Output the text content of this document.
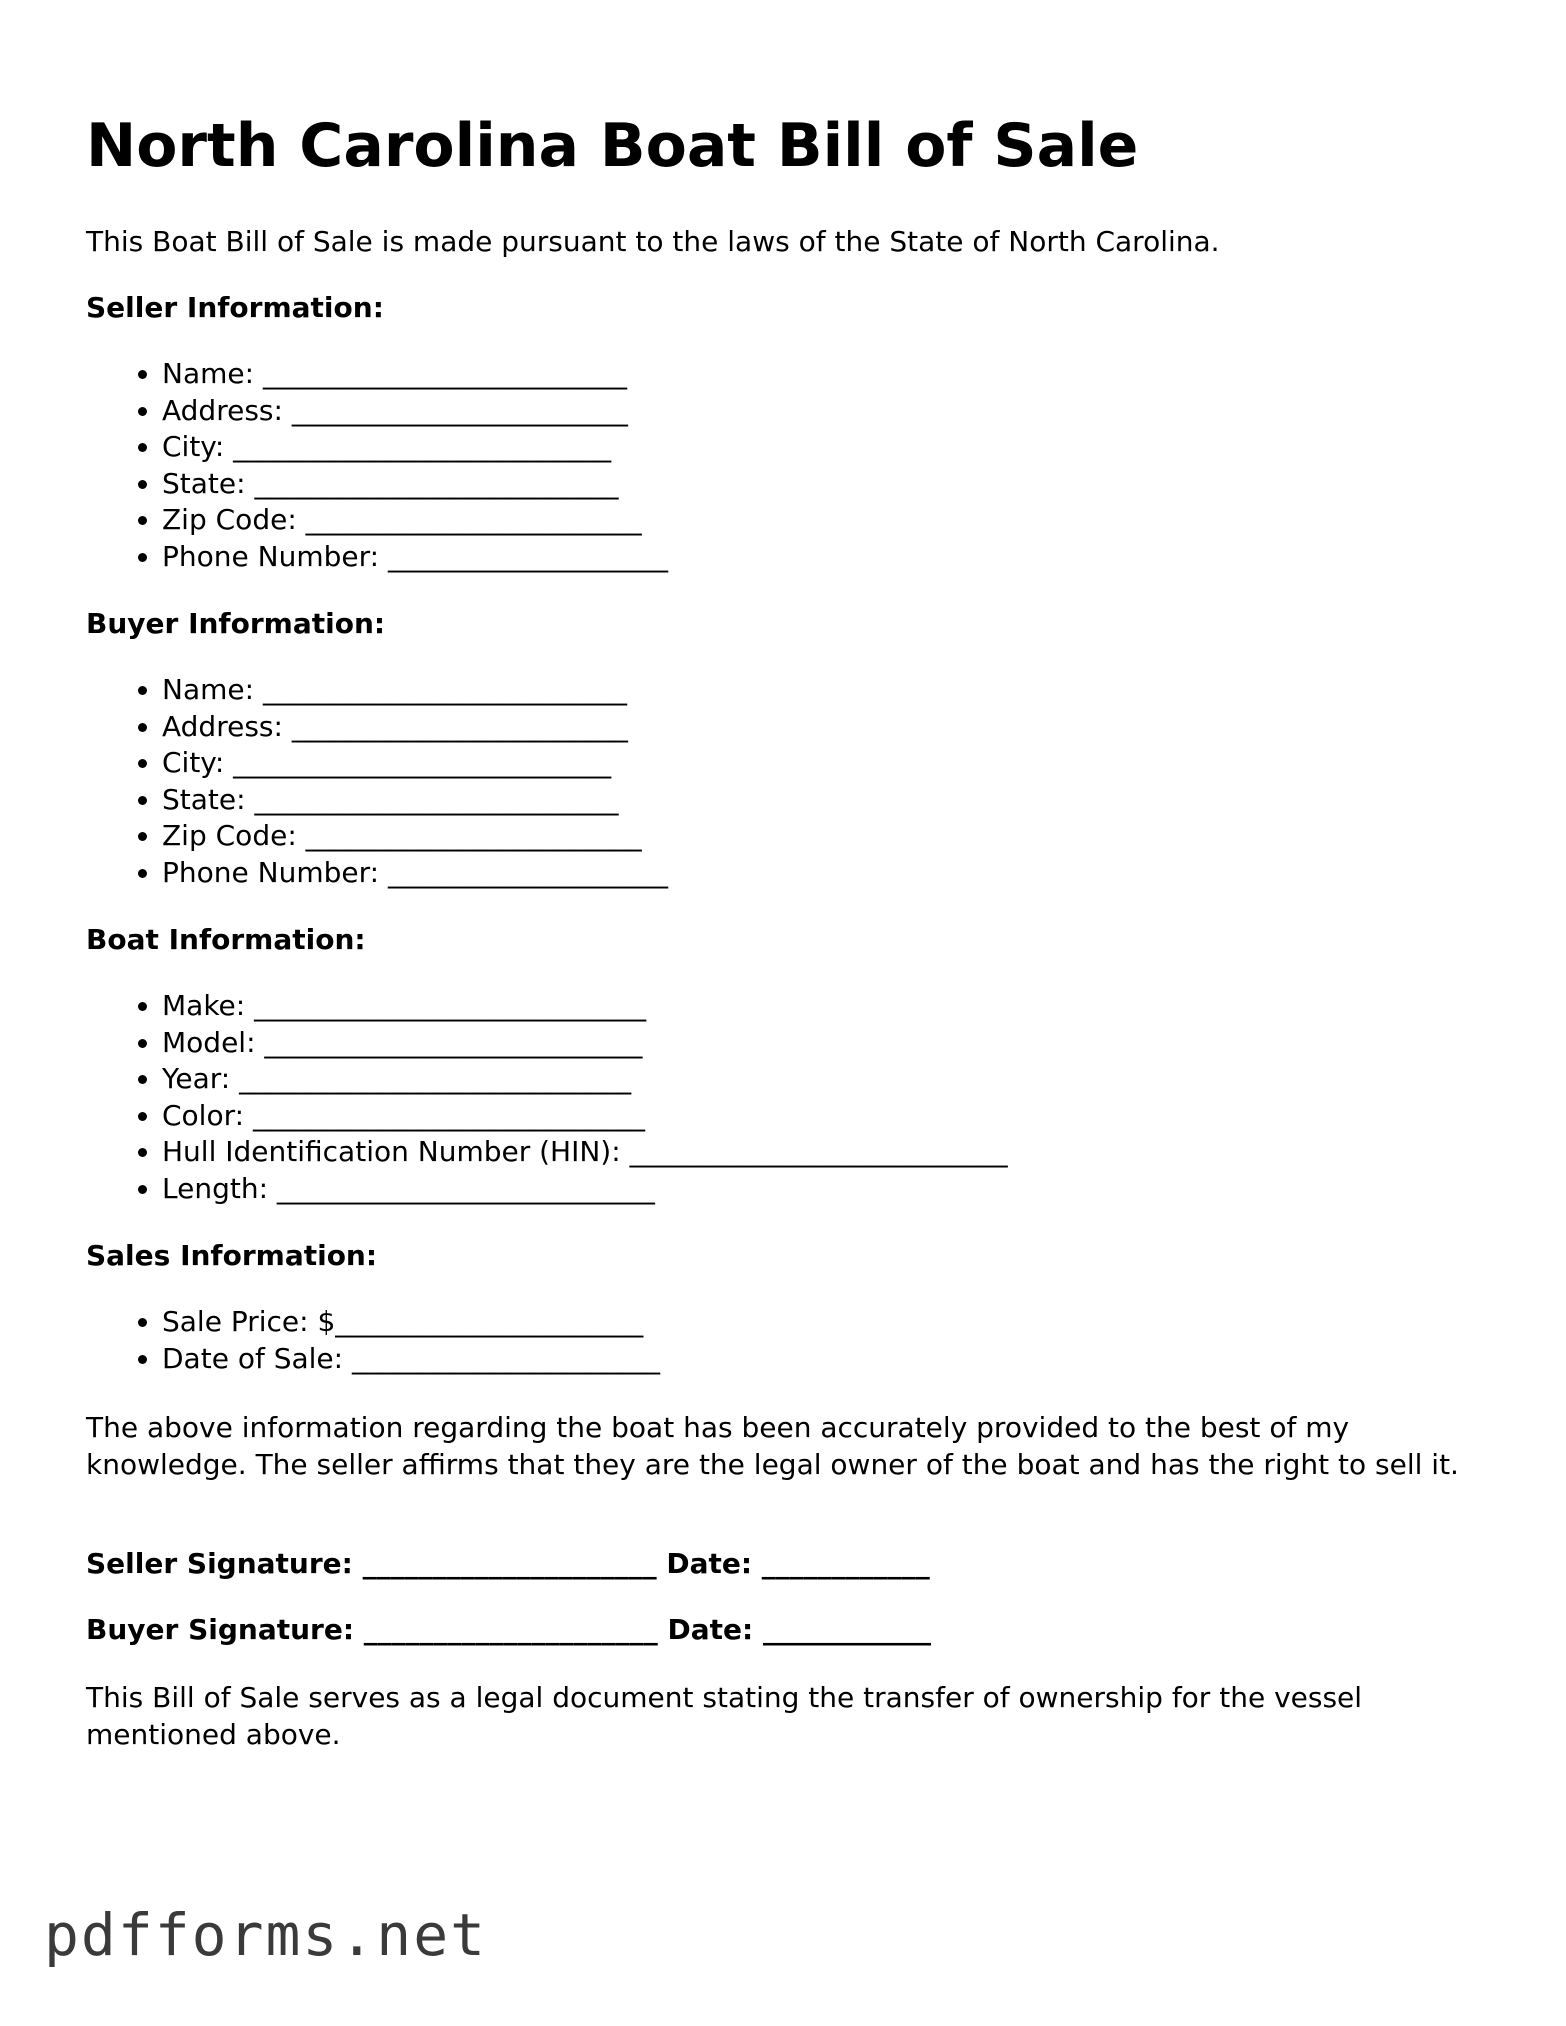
North Carolina Boat Bill of Sale

This Boat Bill of Sale is made pursuant to the laws of the State of North Carolina.

Seller Information:

• Name: __________________________
• Address: ________________________
• City: ___________________________
• State: __________________________
• Zip Code: ________________________
• Phone Number: ____________________

Buyer Information:

• Name: __________________________
• Address: ________________________
• City: ___________________________
• State: __________________________
• Zip Code: ________________________
• Phone Number: ____________________

Boat Information:

• Make: ____________________________
• Model: ___________________________
• Year: ____________________________
• Color: ____________________________
• Hull Identification Number (HIN): ___________________________
• Length: ___________________________

Sales Information:

• Sale Price: $______________________
• Date of Sale: ______________________

The above information regarding the boat has been accurately provided to the best of my knowledge. The seller affirms that they are the legal owner of the boat and has the right to sell it.

Seller Signature: _____________________ Date: ____________

Buyer Signature: _____________________ Date: ____________

This Bill of Sale serves as a legal document stating the transfer of ownership for the vessel mentioned above.

pdfforms.net
